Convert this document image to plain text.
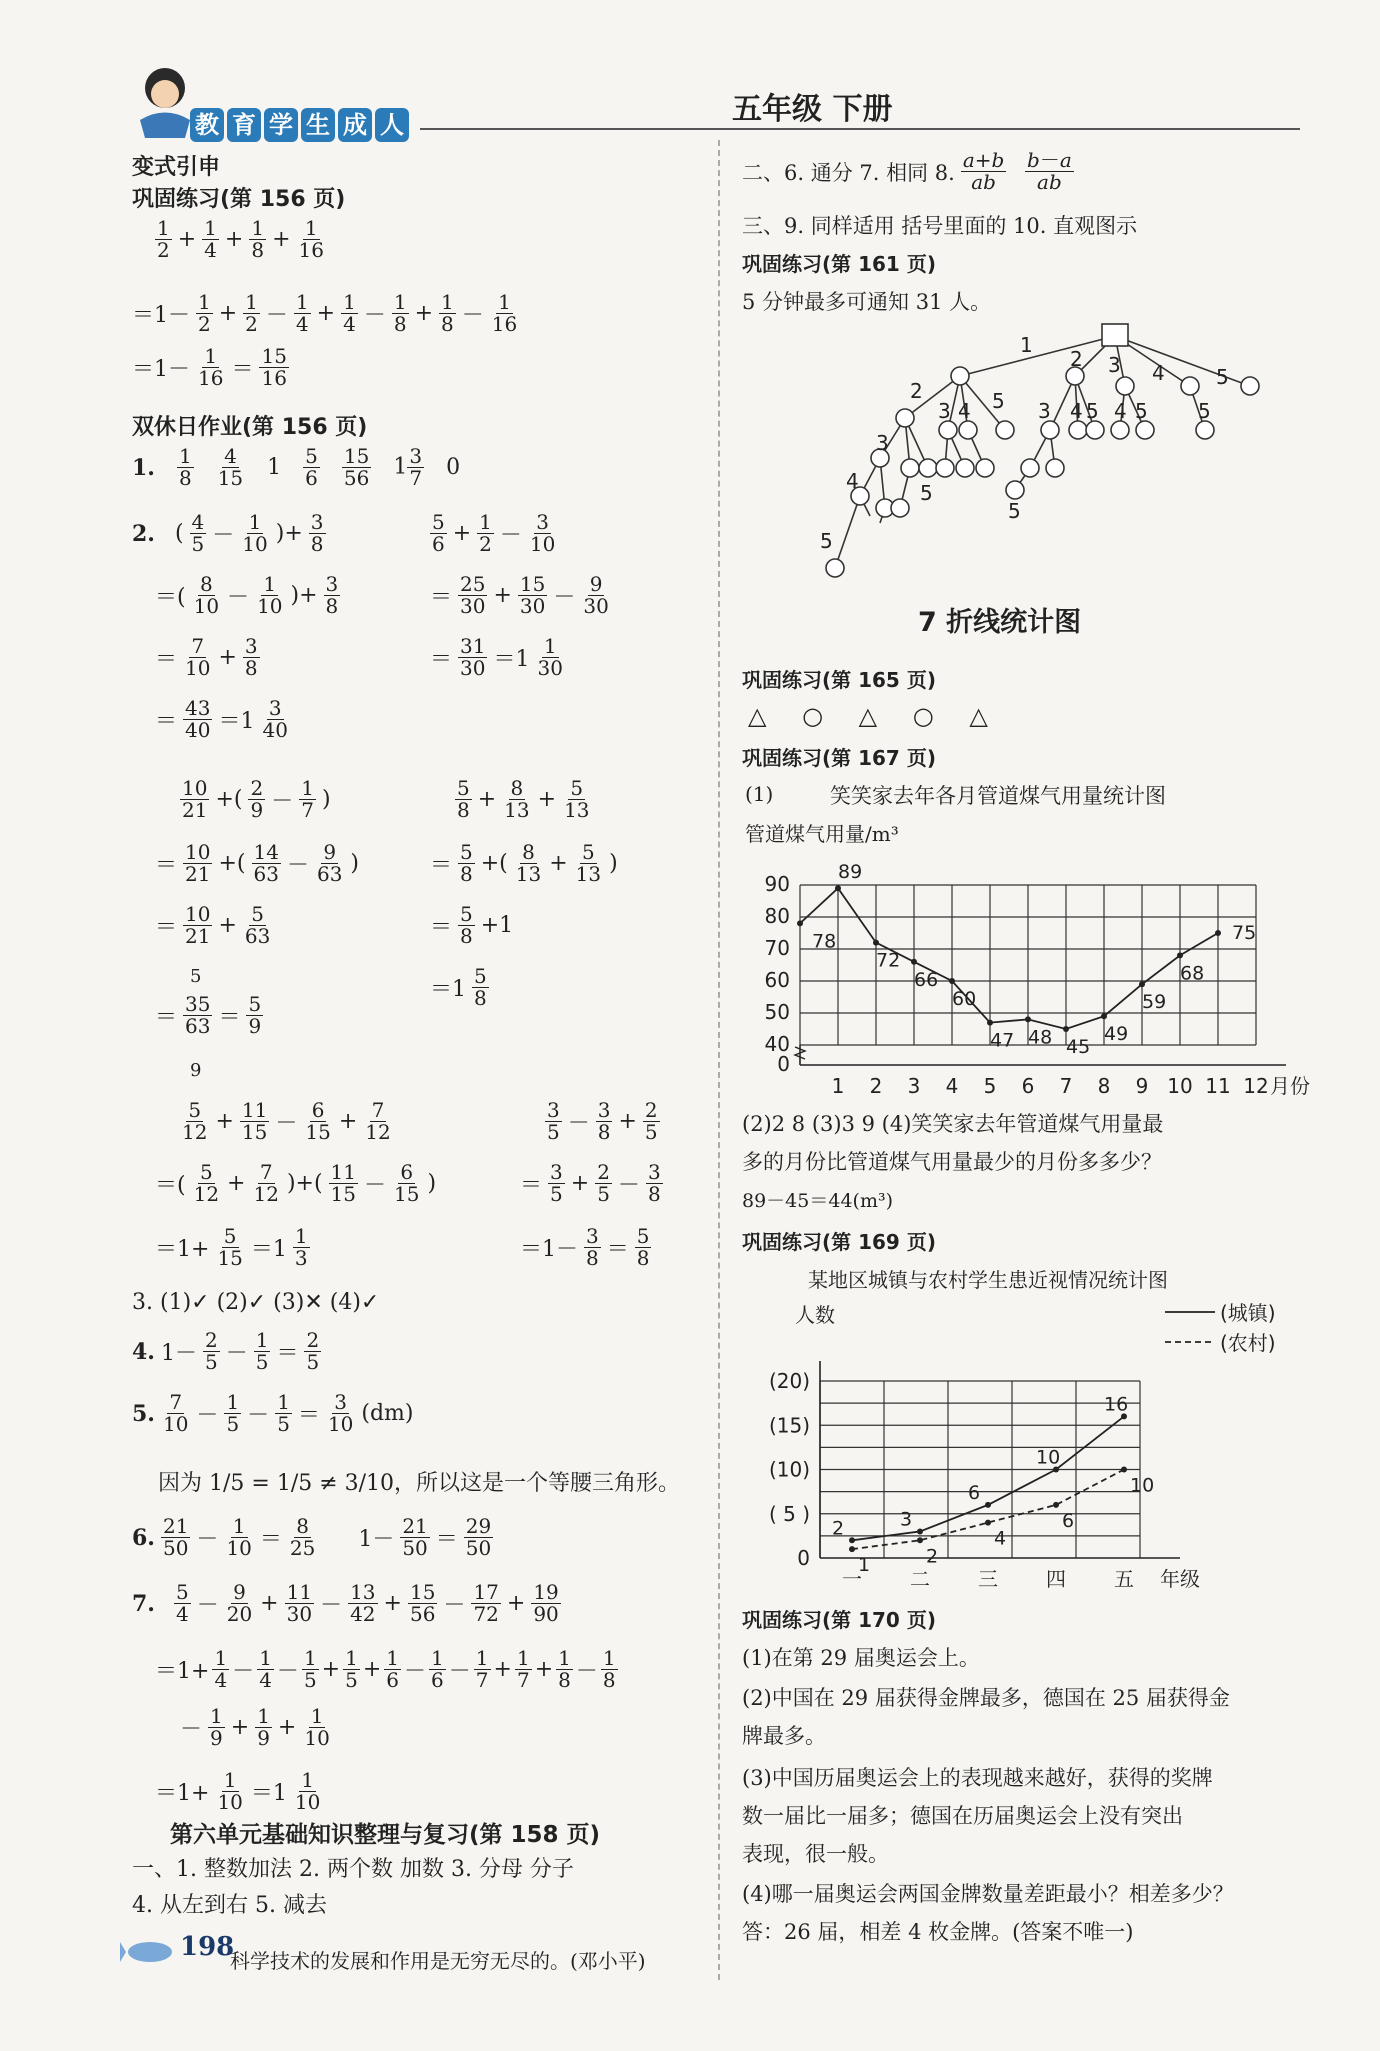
教 育 学 生 成 人	五年级 下册
变式引申
巩固练习(第 156 页)
$\frac{1}{2} + \frac{1}{4} + \frac{1}{8} + \frac{1}{16}$
$=1- \frac{1}{2} + \frac{1}{2} - \frac{1}{4} + \frac{1}{4} - \frac{1}{8} + \frac{1}{8} - \frac{1}{16}$
$=1- \frac{1}{16} = \frac{15}{16}$
双休日作业(第 156 页)
1. $\frac{1}{8} \frac{4}{15} 1 \frac{5}{6} \frac{15}{56} 1 \frac{3}{7} 0$
2. ( $\frac{4}{5} - \frac{1}{10}$ )+ $\frac{3}{8}$
＝( $\frac{8}{10} - \frac{1}{10}$ )+ $\frac{3}{8}$
＝ $\frac{7}{10} + \frac{3}{8}$
＝ $\frac{43}{40} =1 \frac{3}{40}$
$\frac{5}{6} + \frac{1}{2} - \frac{3}{10}$
＝ $\frac{25}{30} + \frac{15}{30} - \frac{9}{30}$
＝ $\frac{31}{30} =1 \frac{1}{30}$
$\frac{10}{21}$ +( $\frac{2}{9} - \frac{1}{7}$ )
＝ $\frac{10}{21}$ +( $\frac{14}{63} - \frac{9}{63}$ )
＝ $\frac{10}{21} + \frac{5}{63}$
＝ $\frac{35}{63} = \frac{5}{9}$
5
9
$\frac{5}{8} + \frac{8}{13} + \frac{5}{13}$
＝ $\frac{5}{8}$ +( $\frac{8}{13} + \frac{5}{13}$ )
＝ $\frac{5}{8} +1$
$=1 \frac{5}{8}$
$\frac{5}{12} + \frac{11}{15} - \frac{6}{15} + \frac{7}{12}$
＝( $\frac{5}{12} + \frac{7}{12}$ )+( $\frac{11}{15} - \frac{6}{15}$ )
$=1+ \frac{5}{15} =1 \frac{1}{3}$
$\frac{3}{5} - \frac{3}{8} + \frac{2}{5}$
＝ $\frac{3}{5} + \frac{2}{5} - \frac{3}{8}$
$=1- \frac{3}{8} = \frac{5}{8}$
3. (1)✓ (2)✓ (3)✕ (4)✓
4. $1- \frac{2}{5} - \frac{1}{5} = \frac{2}{5}$
5. $\frac{7}{10} - \frac{1}{5} - \frac{1}{5} = \frac{3}{10} (dm)$
因为 1/5 = 1/5 ≠ 3/10，所以这是一个等腰三角形。
6. $\frac{21}{50} - \frac{1}{10} = \frac{8}{25} 1- \frac{21}{50} = \frac{29}{50}$
7.
$\frac{5}{4} - \frac{9}{20} + \frac{11}{30} - \frac{13}{42} + \frac{15}{56} - \frac{17}{72} + \frac{19}{90}$
$=1+ \frac{1}{4} - \frac{1}{4} - \frac{1}{5} + \frac{1}{5} + \frac{1}{6} - \frac{1}{6} - \frac{1}{7} + \frac{1}{7} + \frac{1}{8} - \frac{1}{8}$
－ $\frac{1}{9} + \frac{1}{9} + \frac{1}{10}$
$=1+ \frac{1}{10} =1 \frac{1}{10}$
第六单元基础知识整理与复习(第 158 页)
一、1. 整数加法 2. 两个数 加数 3. 分母 分子
4. 从左到右 5. 减去
二、6. 通分 7. 相同 8. $\frac{a+b}{ab}$
$\frac{b-a}{ab}$
三、9. 同样适用 括号里面的 10. 直观图示
巩固练习(第 161 页)
5 分钟最多可通知 31 人。
1
2 3 4	5
2
3 4 5 3 4 5 4 5	5
5
4
3
5
5
7 折线统计图
巩固练习(第 165 页)
△ ○ △ ○ △
巩固练习(第 167 页)
(1)	笑笑家去年各月管道煤气用量统计图
管道煤气用量/m³
0
40
50
60
70
80
90
1 2 3 4 5 6 7 8 9 10 11 12 月份
78
89
72
66
60
47 48 45
49
59
68
75
(2)2 8 (3)3 9 (4)笑笑家去年管道煤气用量最
多的月份比管道煤气用量最少的月份多多少？
89－45＝44(m³)
巩固练习(第 169 页)
某地区城镇与农村学生患近视情况统计图
人数
0
( 5 )
(10)
(15)
(20)
一 二 三 四 五 年级
(城镇)
(农村)
2	3
6
10
16
1	2
4
6
10
巩固练习(第 170 页)
(1)在第 29 届奥运会上。
(2)中国在 29 届获得金牌最多，德国在 25 届获得金
牌最多。
(3)中国历届奥运会上的表现越来越好，获得的奖牌
数一届比一届多；德国在历届奥运会上没有突出
表现，很一般。
(4)哪一届奥运会两国金牌数量差距最小？相差多少？
答：26 届，相差 4 枚金牌。(答案不唯一)
198
科学技术的发展和作用是无穷无尽的。(邓小平)
